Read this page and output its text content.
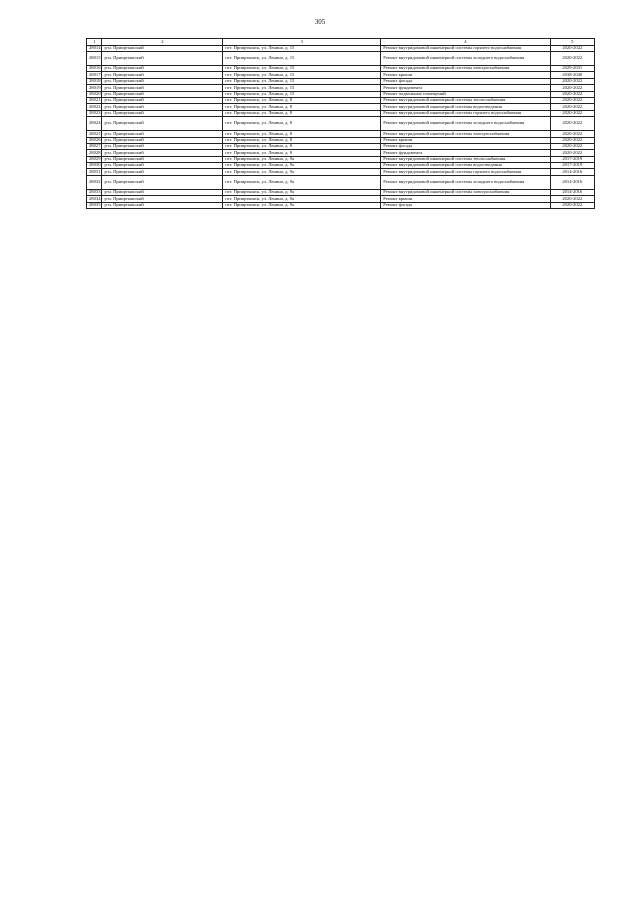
305
1	2	3	4	5
28014	р-н. Прииртышский	пгт. Прииртышск, ул. Ленина, д. 15	Ремонт внутридомовой инженерной системы горячего водоснабжения	2020-2022
28015	р-н. Прииртышский	пгт. Прииртышск, ул. Ленина, д. 15	Ремонт внутридомовой инженерной системы холодного водоснабжения	2020-2022
28016	р-н. Прииртышский	пгт. Прииртышск, ул. Ленина, д. 15	Ремонт внутридомовой инженерной системы электроснабжения	2029-2031
28017	р-н. Прииртышский	пгт. Прииртышск, ул. Ленина, д. 15	Ремонт крыши	2038-2040
28018	р-н. Прииртышский	пгт. Прииртышск, ул. Ленина, д. 15	Ремонт фасада	2020-2022
28019	р-н. Прииртышский	пгт. Прииртышск, ул. Ленина, д. 15	Ремонт фундамента	2020-2022
28020	р-н. Прииртышский	пгт. Прииртышск, ул. Ленина, д. 15	Ремонт подвальных помещений	2020-2022
28021	р-н. Прииртышский	пгт. Прииртышск, ул. Ленина, д. 8	Ремонт внутридомовой инженерной системы теплоснабжения	2020-2022
28022	р-н. Прииртышский	пгт. Прииртышск, ул. Ленина, д. 8	Ремонт внутридомовой инженерной системы водоотведения	2020-2022
28023	р-н. Прииртышский	пгт. Прииртышск, ул. Ленина, д. 8	Ремонт внутридомовой инженерной системы горячего водоснабжения	2020-2022
28024	р-н. Прииртышский	пгт. Прииртышск, ул. Ленина, д. 8	Ремонт внутридомовой инженерной системы холодного водоснабжения	2020-2022
28025	р-н. Прииртышский	пгт. Прииртышск, ул. Ленина, д. 8	Ремонт внутридомовой инженерной системы электроснабжения	2020-2022
28026	р-н. Прииртышский	пгт. Прииртышск, ул. Ленина, д. 8	Ремонт крыши	2020-2022
28027	р-н. Прииртышский	пгт. Прииртышск, ул. Ленина, д. 8	Ремонт фасада	2020-2022
28028	р-н. Прииртышский	пгт. Прииртышск, ул. Ленина, д. 8	Ремонт фундамента	2020-2022
28029	р-н. Прииртышский	пгт. Прииртышск, ул. Ленина, д. 9а	Ремонт внутридомовой инженерной системы теплоснабжения	2017-2019
28030	р-н. Прииртышский	пгт. Прииртышск, ул. Ленина, д. 9а	Ремонт внутридомовой инженерной системы водоотведения	2017-2019
28031	р-н. Прииртышский	пгт. Прииртышск, ул. Ленина, д. 9а	Ремонт внутридомовой инженерной системы горячего водоснабжения	2014-2016
28032	р-н. Прииртышский	пгт. Прииртышск, ул. Ленина, д. 9а	Ремонт внутридомовой инженерной системы холодного водоснабжения	2014-2016
28033	р-н. Прииртышский	пгт. Прииртышск, ул. Ленина, д. 9а	Ремонт внутридомовой инженерной системы электроснабжения	2014-2016
28034	р-н. Прииртышский	пгт. Прииртышск, ул. Ленина, д. 9а	Ремонт крыши	2020-2022
28035	р-н. Прииртышский	пгт. Прииртышск, ул. Ленина, д. 9а	Ремонт фасада	2020-2022
